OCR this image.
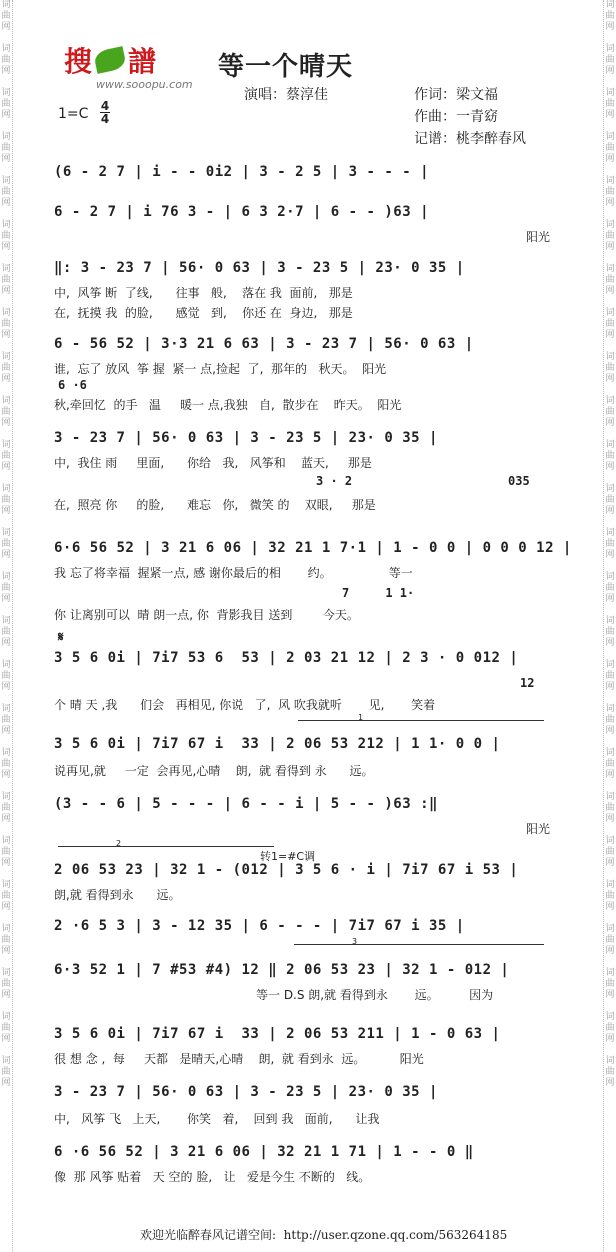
词
曲
网

词
曲
网

词
曲
网

词
曲
网

词
曲
网

词
曲
网

词
曲
网

词
曲
网

词
曲
网

词
曲
网

词
曲
网

词
曲
网

词
曲
网

词
曲
网

词
曲
网

词
曲
网

词
曲
网

词
曲
网

词
曲
网

词
曲
网

词
曲
网

词
曲
网

词
曲
网

词
曲
网

词
曲
网
词
曲
网

词
曲
网

词
曲
网

词
曲
网

词
曲
网

词
曲
网

词
曲
网

词
曲
网

词
曲
网

词
曲
网

词
曲
网

词
曲
网

词
曲
网

词
曲
网

词
曲
网

词
曲
网

词
曲
网

词
曲
网

词
曲
网

词
曲
网

词
曲
网

词
曲
网

词
曲
网

词
曲
网

词
曲
网
搜 譜
www.sooopu.com
等一个晴天
演唱：蔡淳佳	作词：梁文福
作曲：一青窈
记谱：桃李醉春风
1=C 4
4
(6 - 2 7 | i - - 0i2 | 3 - 2 5 | 3 - - - |
6 - 2 7 | i 76 3 - | 6 3 2·7 | 6 - - )63 |
阳光
‖: 3 - 23 7 | 56· 0 63 | 3 - 23 5 | 23· 0 35 |
中,  风筝 断  了线,      往事   般,    落在 我  面前,   那是
在,  抚摸 我  的脸,      感觉   到,    你还 在  身边,   那是
6 - 56 52 | 3·3 21 6 63 | 3 - 23 7 | 56· 0 63 |
谁,  忘了 放风  筝 握  紧一 点,捡起  了,  那年的   秋天。  阳光
6 ·6
秋,牵回忆  的手   温     暖一 点,我独   自,  散步在    昨天。  阳光
3 - 23 7 | 56· 0 63 | 3 - 23 5 | 23· 0 35 |
中,  我住 雨     里面,      你给   我,   风筝和    蓝天,     那是
3 · 2	035
在,  照亮 你     的脸,      难忘   你,   微笑 的    双眼,     那是
6·6 56 52 | 3 21 6 06 | 32 21 1 7·1 | 1 - 0 0 | 0 0 0 12 |
我 忘了将幸福  握紧一点, 感 谢你最后的相       约。               等一
7     1 1·
你 让离别可以  晴 朗一点, 你  背影我目 送到        今天。
𝄋
3 5 6 0i | 7i7 53 6  53 | 2 03 21 12 | 2 3 · 0 012 |
12
个 晴 天 ,我      们会   再相见, 你说   了,  风 吹我就听       见,       笑着
1
3 5 6 0i | 7i7 67 i  33 | 2 06 53 212 | 1 1· 0 0 |
说再见,就     一定  会再见,心晴    朗,  就 看得到 永      远。
(3 - - 6 | 5 - - - | 6 - - i | 5 - - )63 :‖
阳光
2
转1=#C调
2 06 53 23 | 32 1 - (012 | 3 5 6 · i | 7i7 67 i 53 |
朗,就 看得到永      远。
2 ·6 5 3 | 3 - 12 35 | 6 - - - | 7i7 67 i 35 |
3
6·3 52 1 | 7 #53 #4) 12 ‖ 2 06 53 23 | 32 1 - 012 |
等一 D.S 朗,就 看得到永       远。        因为
3 5 6 0i | 7i7 67 i  33 | 2 06 53 211 | 1 - 0 63 |
很 想 念 ,  每     天都   是晴天,心晴    朗,  就 看到永  远。         阳光
3 - 23 7 | 56· 0 63 | 3 - 23 5 | 23· 0 35 |
中,   风筝 飞   上天,       你笑   着,    回到 我   面前,      让我
6 ·6 56 52 | 3 21 6 06 | 32 21 1 71 | 1 - - 0 ‖
像  那 风筝 贴着   天 空的 脸,   让   爱是今生 不断的   线。
欢迎光临醉春风记谱空间:  http://user.qzone.qq.com/563264185
